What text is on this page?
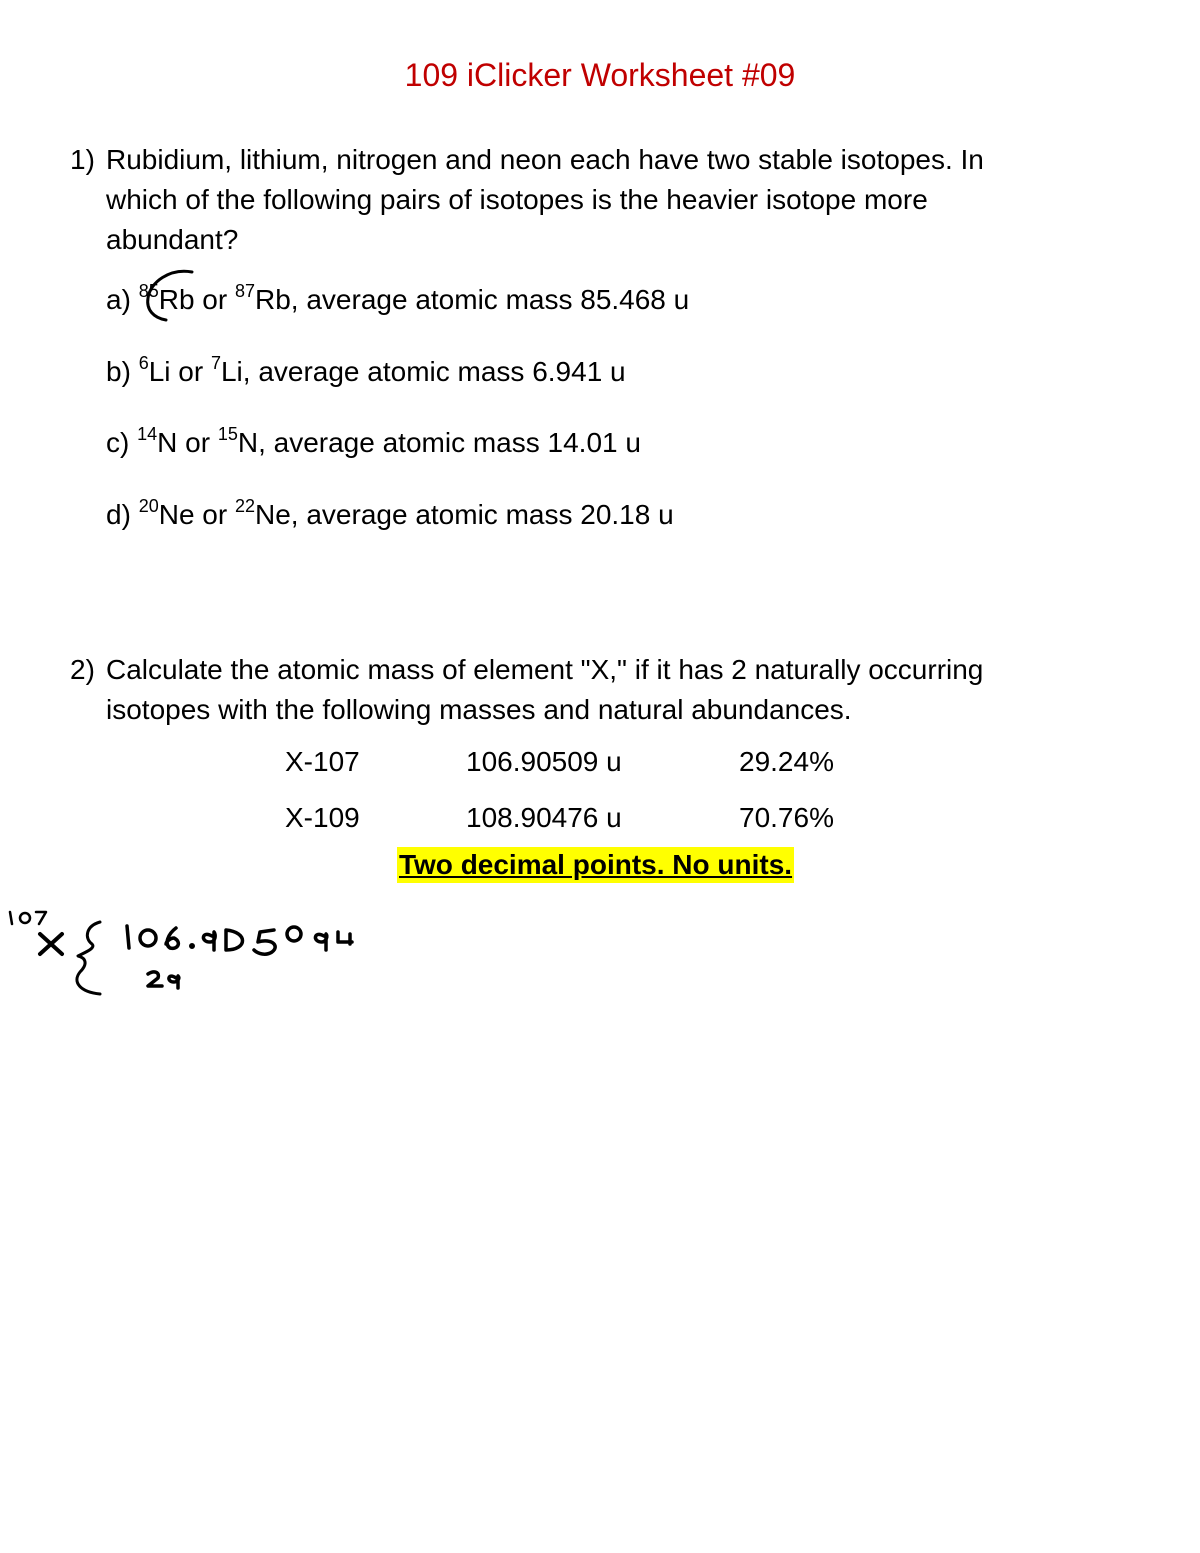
109 iClicker Worksheet #09
1) Rubidium, lithium, nitrogen and neon each have two stable isotopes. In
which of the following pairs of isotopes is the heavier isotope more
abundant?
a) $^{85}$Rb or $^{87}$Rb, average atomic mass 85.468 u
b) $^6$Li or $^7$Li, average atomic mass 6.941 u
c) $^{14}$N or $^{15}$N, average atomic mass 14.01 u
d) $^{20}$Ne or $^{22}$Ne, average atomic mass 20.18 u
2) Calculate the atomic mass of element "X," if it has 2 naturally occurring
isotopes with the following masses and natural abundances.
X-107	106.90509 u	29.24%
X-109	108.90476 u	70.76%
Two decimal points. No units.
